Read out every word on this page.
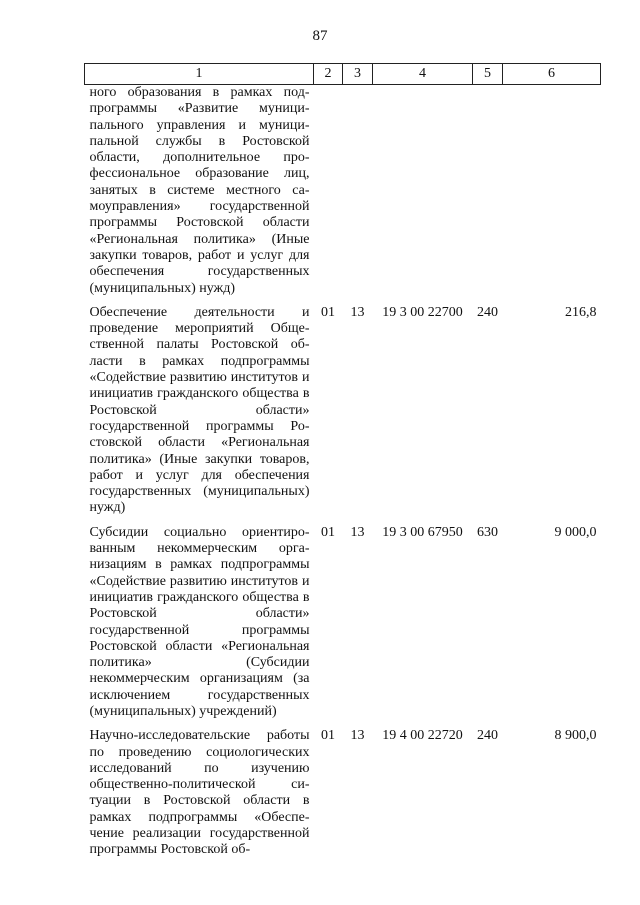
87
1	2	3	4	5	6
ного образования в рамках подпрограммы «Развитие муниципального управления и муниципальной службы в Ростовской области, дополнительное профессиональное образование лиц, занятых в системе местного самоуправления» государственной программы Ростовской области «Региональная политика» (Иные закупки товаров, работ и услуг для обеспечения государственных (муниципальных) нужд)					
Обеспечение деятельности и проведение мероприятий Общественной палаты Ростовской области в рамках подпрограммы «Содействие развитию институтов и инициатив гражданского общества в Ростовской области» государственной программы Ростовской области «Региональная политика» (Иные закупки товаров, работ и услуг для обеспечения государственных (муниципальных) нужд)	01	13	19 3 00 22700	240	216,8
Субсидии социально ориентированным некоммерческим организациям в рамках подпрограммы «Содействие развитию институтов и инициатив гражданского общества в Ростовской области» государственной программы Ростовской области «Региональная политика» (Субсидии некоммерческим организациям (за исключением государственных (муниципальных) учреждений)	01	13	19 3 00 67950	630	9 000,0
Научно-исследовательские работы по проведению социологических исследований по изучению общественно-политической ситуации в Ростовской области в рамках подпрограммы «Обеспечение реализации государственной программы Ростовской об-	01	13	19 4 00 22720	240	8 900,0
